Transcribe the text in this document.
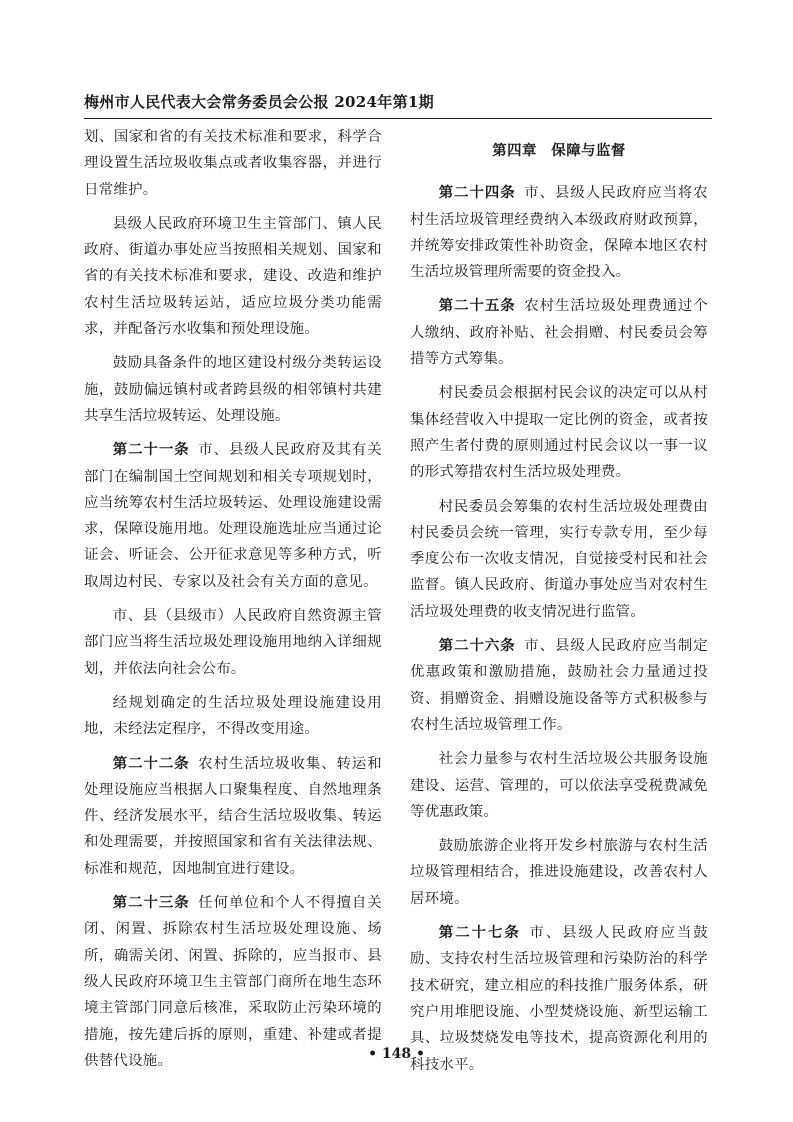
梅州市人民代表大会常务委员会公报 2024年第1期

划、国家和省的有关技术标准和要求，科学合理设置生活垃圾收集点或者收集容器，并进行日常维护。

县级人民政府环境卫生主管部门、镇人民政府、街道办事处应当按照相关规划、国家和省的有关技术标准和要求，建设、改造和维护农村生活垃圾转运站，适应垃圾分类功能需求，并配备污水收集和预处理设施。

鼓励具备条件的地区建设村级分类转运设施，鼓励偏远镇村或者跨县级的相邻镇村共建共享生活垃圾转运、处理设施。

第二十一条 市、县级人民政府及其有关部门在编制国土空间规划和相关专项规划时，应当统筹农村生活垃圾转运、处理设施建设需求，保障设施用地。处理设施选址应当通过论证会、听证会、公开征求意见等多种方式，听取周边村民、专家以及社会有关方面的意见。

市、县（县级市）人民政府自然资源主管部门应当将生活垃圾处理设施用地纳入详细规划，并依法向社会公布。

经规划确定的生活垃圾处理设施建设用地，未经法定程序，不得改变用途。

第二十二条 农村生活垃圾收集、转运和处理设施应当根据人口聚集程度、自然地理条件、经济发展水平，结合生活垃圾收集、转运和处理需要，并按照国家和省有关法律法规、标准和规范，因地制宜进行建设。

第二十三条 任何单位和个人不得擅自关闭、闲置、拆除农村生活垃圾处理设施、场所，确需关闭、闲置、拆除的，应当报市、县级人民政府环境卫生主管部门商所在地生态环境主管部门同意后核准，采取防止污染环境的措施，按先建后拆的原则，重建、补建或者提供替代设施。

第四章 保障与监督

第二十四条 市、县级人民政府应当将农村生活垃圾管理经费纳入本级政府财政预算，并统筹安排政策性补助资金，保障本地区农村生活垃圾管理所需要的资金投入。

第二十五条 农村生活垃圾处理费通过个人缴纳、政府补贴、社会捐赠、村民委员会筹措等方式筹集。

村民委员会根据村民会议的决定可以从村集体经营收入中提取一定比例的资金，或者按照产生者付费的原则通过村民会议以一事一议的形式筹措农村生活垃圾处理费。

村民委员会筹集的农村生活垃圾处理费由村民委员会统一管理，实行专款专用，至少每季度公布一次收支情况，自觉接受村民和社会监督。镇人民政府、街道办事处应当对农村生活垃圾处理费的收支情况进行监管。

第二十六条 市、县级人民政府应当制定优惠政策和激励措施，鼓励社会力量通过投资、捐赠资金、捐赠设施设备等方式积极参与农村生活垃圾管理工作。

社会力量参与农村生活垃圾公共服务设施建设、运营、管理的，可以依法享受税费减免等优惠政策。

鼓励旅游企业将开发乡村旅游与农村生活垃圾管理相结合，推进设施建设，改善农村人居环境。

第二十七条 市、县级人民政府应当鼓励、支持农村生活垃圾管理和污染防治的科学技术研究，建立相应的科技推广服务体系，研究户用堆肥设施、小型焚烧设施、新型运输工具、垃圾焚烧发电等技术，提高资源化利用的科技水平。

• 148 •
